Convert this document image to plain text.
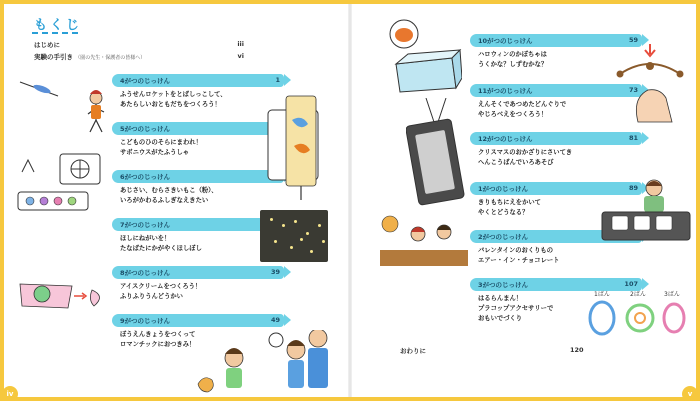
もくじ
はじめに	iii
実験の手引き （園の先生・保護者の皆様へ）	vi
4がつのじっけん	1
ふうせんロケットをとばしっこして、
あたらしいおともだちをつくろう！
5がつのじっけん
こどものひのそらにまわれ！
サボニウスがたふうしゃ
6がつのじっけん
あじさい、むらさきいもこ（粉）、
いろがかわるふしぎなえきたい
7がつのじっけん
ほしにねがいを！
たなばたにかがやくほしぼし
8がつのじっけん	39
アイスクリームをつくろう！
ふりふりうんどうかい
9がつのじっけん	49
ぼうえんきょうをつくって
ロマンチックにおつきみ！
iv
10がつのじっけん	59
ハロウィンのかぼちゃは
うくかな？しずむかな？
11がつのじっけん	73
えんそくであつめたどんぐりで
やじろべえをつくろう！
12がつのじっけん	81
クリスマスのおかざりにさいてき
へんこうばんでいろあそび
1がつのじっけん	89
きりもちにえをかいて
やくとどうなる？
2がつのじっけん
バレンタインのおくりもの
エアー・イン・チョコレート
3がつのじっけん	107
はるらんまん！
プラコップアクセサリーで
おもいでづくり
おわりに	120
1ばん	2ばん	3ばん
v
